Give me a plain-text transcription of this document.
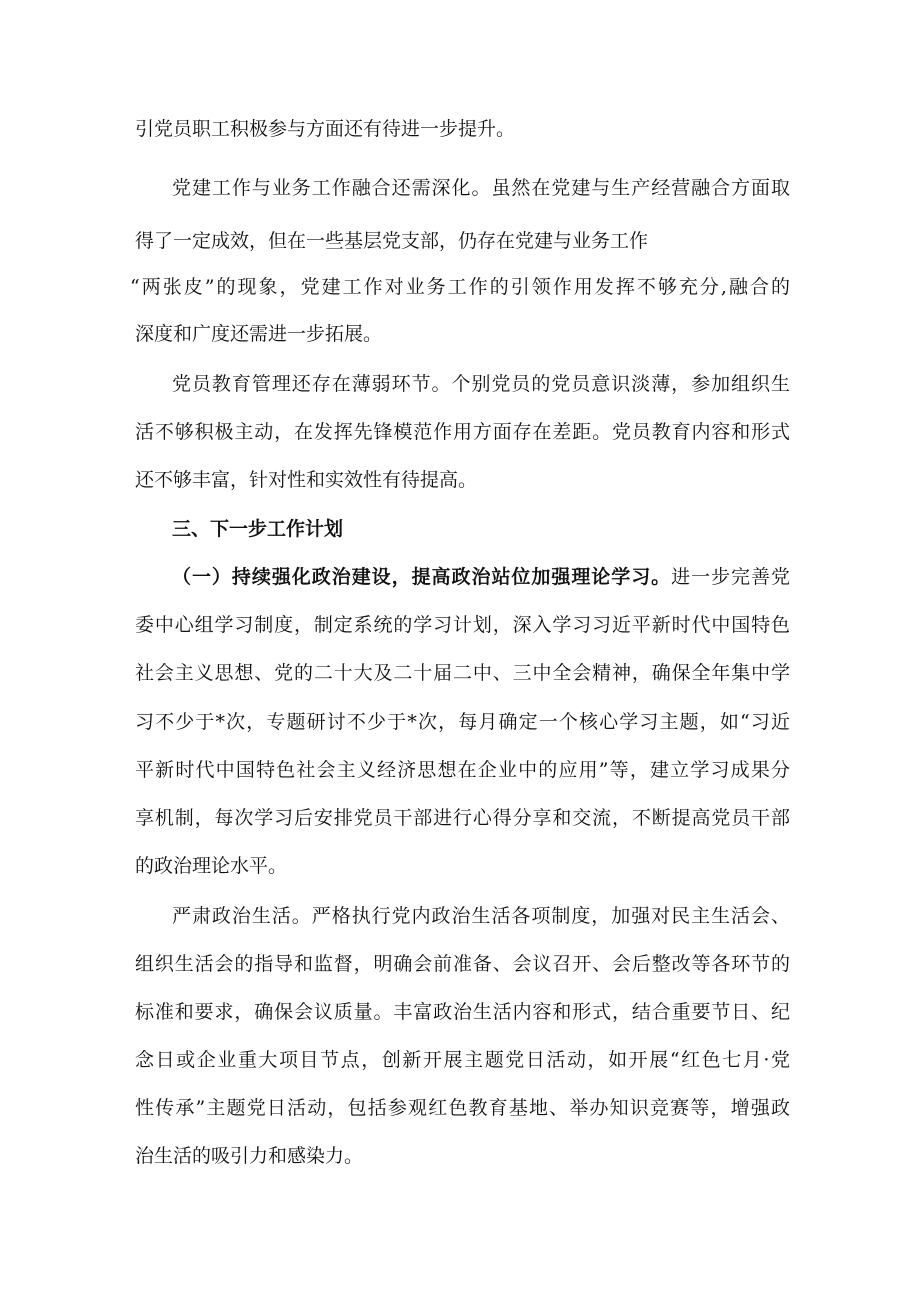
引党员职工积极参与方面还有待进一步提升。
党建工作与业务工作融合还需深化。虽然在党建与生产经营融合方面取
得了一定成效，但在一些基层党支部，仍存在党建与业务工作
“两张皮”的现象，党建工作对业务工作的引领作用发挥不够充分,融合的
深度和广度还需进一步拓展。
党员教育管理还存在薄弱环节。个别党员的党员意识淡薄，参加组织生
活不够积极主动，在发挥先锋模范作用方面存在差距。党员教育内容和形式
还不够丰富，针对性和实效性有待提高。
三、下一步工作计划
（一）持续强化政治建设，提高政治站位加强理论学习。进一步完善党
委中心组学习制度，制定系统的学习计划，深入学习习近平新时代中国特色
社会主义思想、党的二十大及二十届二中、三中全会精神，确保全年集中学
习不少于*次，专题研讨不少于*次，每月确定一个核心学习主题，如“习近
平新时代中国特色社会主义经济思想在企业中的应用”等，建立学习成果分
享机制，每次学习后安排党员干部进行心得分享和交流，不断提高党员干部
的政治理论水平。
严肃政治生活。严格执行党内政治生活各项制度，加强对民主生活会、
组织生活会的指导和监督，明确会前准备、会议召开、会后整改等各环节的
标准和要求，确保会议质量。丰富政治生活内容和形式，结合重要节日、纪
念日或企业重大项目节点，创新开展主题党日活动，如开展“红色七月·党
性传承”主题党日活动，包括参观红色教育基地、举办知识竞赛等，增强政
治生活的吸引力和感染力。
